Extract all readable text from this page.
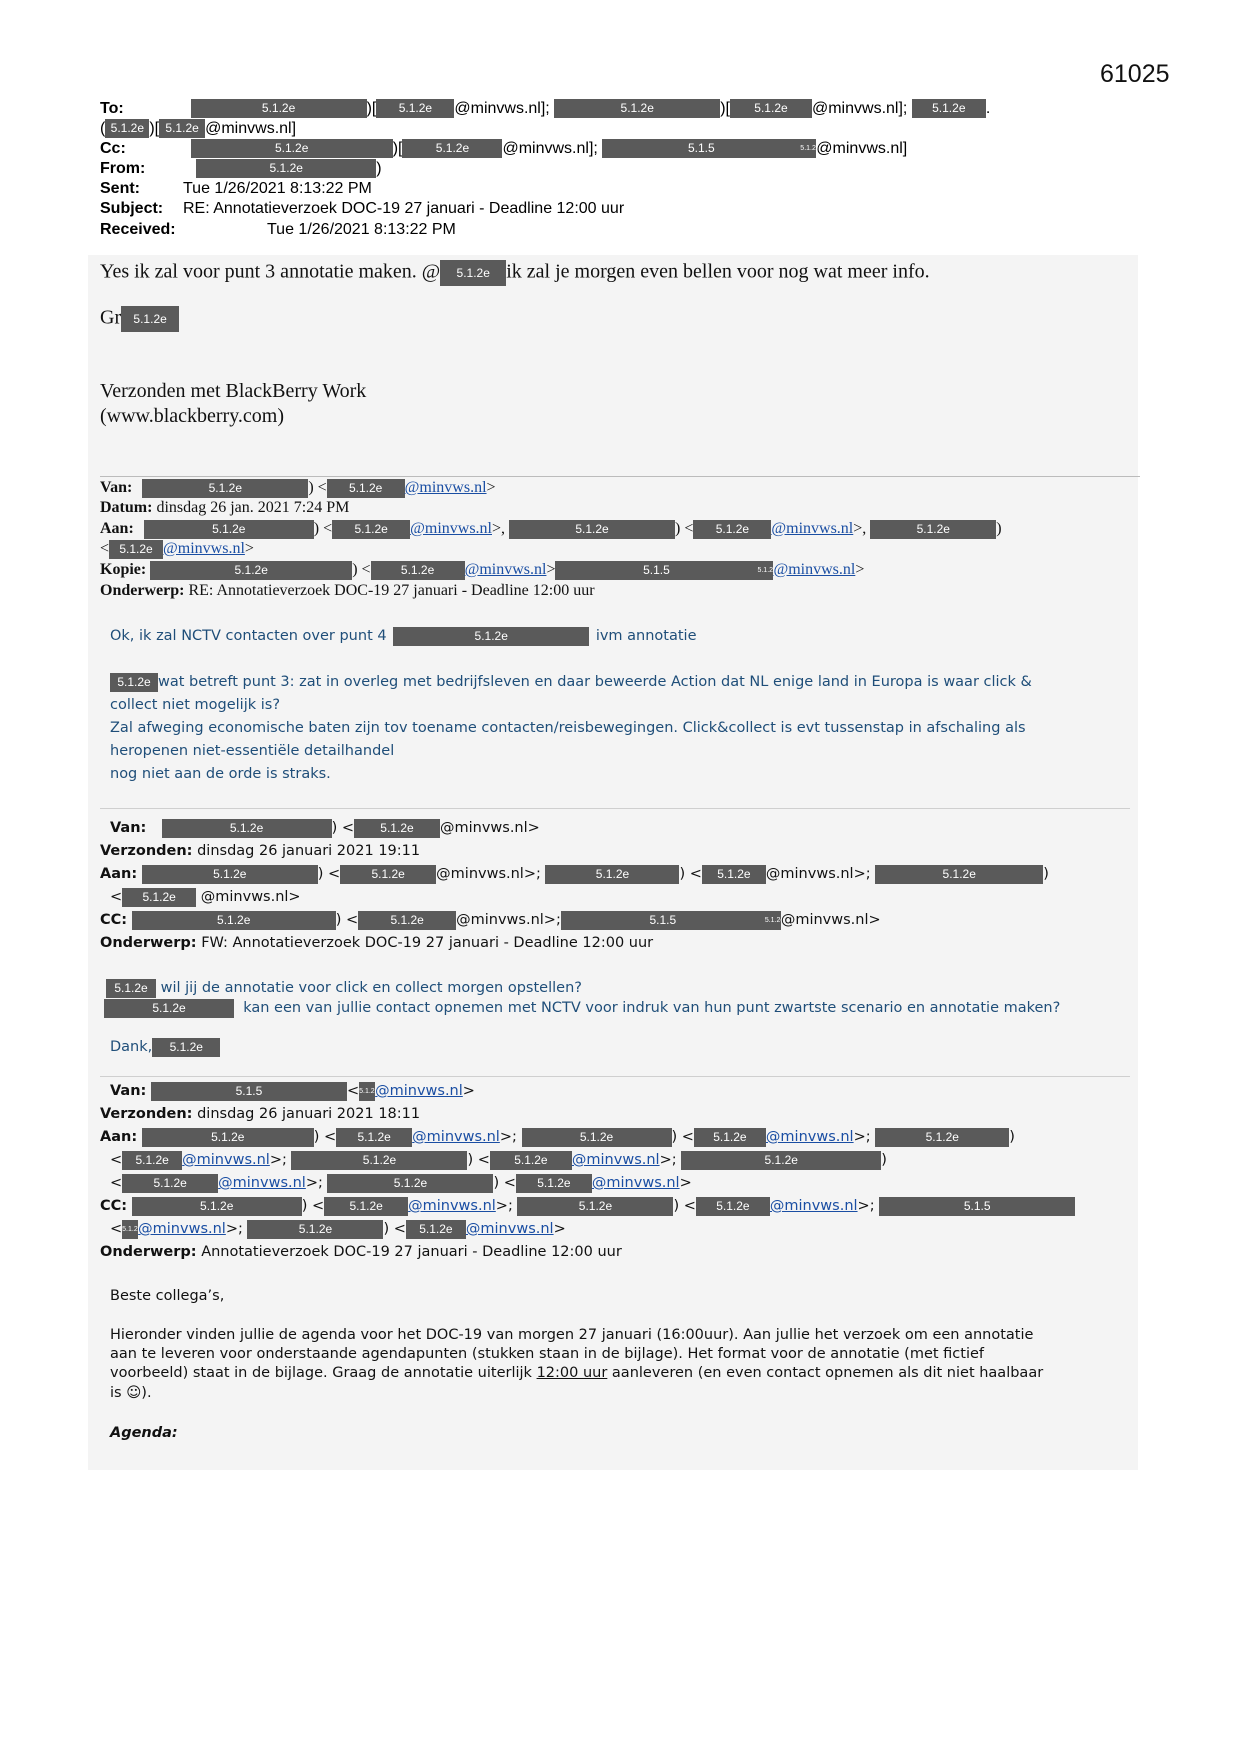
61025
To:	5.1.2e	)[ 5.1.2e @minvws.nl];	5.1.2e	)[ 5.1.2e @minvws.nl]; 5.1.2e .
( 5.1.2e )[ 5.1.2e @minvws.nl]
Cc:	5.1.2e	)[	5.1.2e @minvws.nl];	5.1.5	5.1.2e@minvws.nl]
From:	5.1.2e	)
Sent:	Tue 1/26/2021 8:13:22 PM
Subject: RE: Annotatieverzoek DOC-19 27 januari - Deadline 12:00 uur
Received:	Tue 1/26/2021 8:13:22 PM
Yes ik zal voor punt 3 annotatie maken. @ 5.1.2e ik zal je morgen even bellen voor nog wat meer info.
Gr 5.1.2e
Verzonden met BlackBerry Work
(www.blackberry.com)
Van:	5.1.2e	) < 5.1.2e @minvws.nl>
Datum: dinsdag 26 jan. 2021 7:24 PM
Aan:	5.1.2e	) < 5.1.2e @minvws.nl>,	5.1.2e	) < 5.1.2e @minvws.nl>,	5.1.2e	)
< 5.1.2e @minvws.nl>
Kopie:	5.1.2e	) <	5.1.2e @minvws.nl>	5.1.5	5.1.2e@minvws.nl>
Onderwerp: RE: Annotatieverzoek DOC-19 27 januari - Deadline 12:00 uur
Ok, ik zal NCTV contacten over punt 4	5.1.2e	ivm annotatie
5.1.2e wat betreft punt 3: zat in overleg met bedrijfsleven en daar beweerde Action dat NL enige land in Europa is waar click &
collect niet mogelijk is?
Zal afweging economische baten zijn tov toename contacten/reisbewegingen. Click&collect is evt tussenstap in afschaling als
heropenen niet-essentiële detailhandel
nog niet aan de orde is straks.
Van:	5.1.2e	) < 5.1.2e @minvws.nl>
Verzonden: dinsdag 26 januari 2021 19:11
Aan:	5.1.2e	) <	5.1.2e @minvws.nl>;	5.1.2e	) < 5.1.2e @minvws.nl>;	5.1.2e	)
< 5.1.2e @minvws.nl>
CC:	5.1.2e	) <	5.1.2e @minvws.nl>;	5.1.5	5.1.2e@minvws.nl>
Onderwerp: FW: Annotatieverzoek DOC-19 27 januari - Deadline 12:00 uur
5.1.2e wil jij de annotatie voor click en collect morgen opstellen?
5.1.2e	kan een van jullie contact opnemen met NCTV voor indruk van hun punt zwartste scenario en annotatie maken?
Dank, 5.1.2e
Van:	5.1.5	<5.1.2e@minvws.nl>
Verzonden: dinsdag 26 januari 2021 18:11
Aan:	5.1.2e	) < 5.1.2e @minvws.nl>;	5.1.2e	) < 5.1.2e @minvws.nl>;	5.1.2e	)
< 5.1.2e @minvws.nl>;	5.1.2e	) < 5.1.2e @minvws.nl>;	5.1.2e	)
<	5.1.2e @minvws.nl>;	5.1.2e	) < 5.1.2e @minvws.nl>
CC:	5.1.2e	) < 5.1.2e @minvws.nl>;	5.1.2e	) < 5.1.2e @minvws.nl>;	5.1.5
<5.1.2e@minvws.nl>;	5.1.2e	) < 5.1.2e @minvws.nl>
Onderwerp: Annotatieverzoek DOC-19 27 januari - Deadline 12:00 uur
Beste collega’s,
Hieronder vinden jullie de agenda voor het DOC-19 van morgen 27 januari (16:00uur). Aan jullie het verzoek om een annotatie
aan te leveren voor onderstaande agendapunten (stukken staan in de bijlage). Het format voor de annotatie (met fictief
voorbeeld) staat in de bijlage. Graag de annotatie uiterlijk 12:00 uur aanleveren (en even contact opnemen als dit niet haalbaar
is ☺).
Agenda:
